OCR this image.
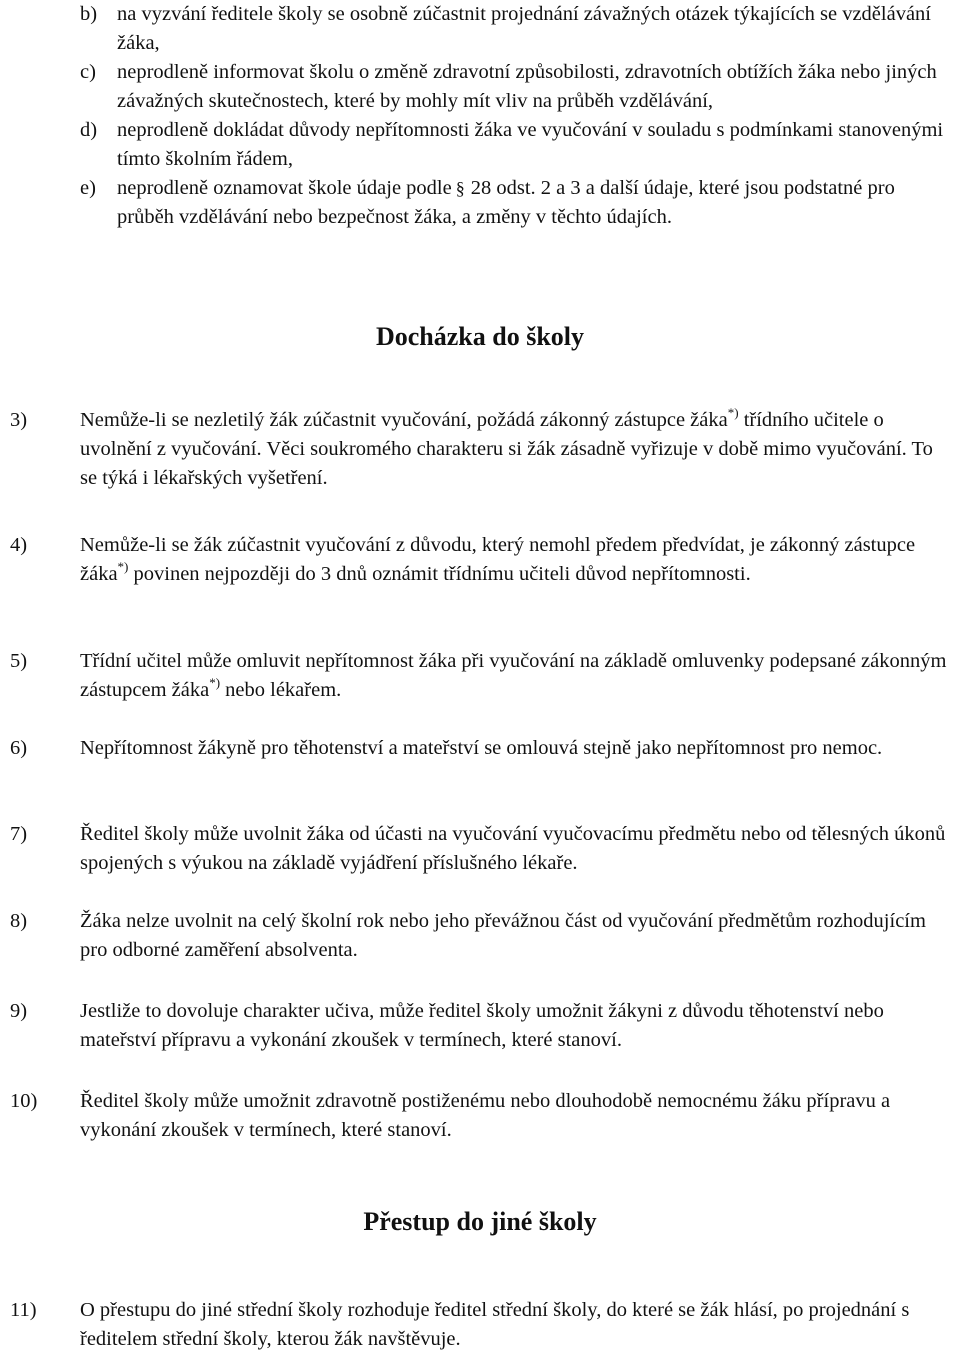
b) na vyzvání ředitele školy se osobně zúčastnit projednání závažných otázek týkajících se vzdělávání žáka,
c) neprodleně informovat školu o změně zdravotní způsobilosti, zdravotních obtížích žáka nebo jiných závažných skutečnostech, které by mohly mít vliv na průběh vzdělávání,
d) neprodleně dokládat důvody nepřítomnosti žáka ve vyučování v souladu s podmínkami stanovenými tímto školním řádem,
e) neprodleně oznamovat škole údaje podle § 28 odst. 2 a 3 a další údaje, které jsou podstatné pro průběh vzdělávání nebo bezpečnost žáka, a změny v těchto údajích.
Docházka do školy
3)	Nemůže-li se nezletilý žák zúčastnit vyučování, požádá zákonný zástupce žáka*) třídního učitele o uvolnění z vyučování. Věci soukromého charakteru si žák zásadně vyřizuje v době mimo vyučování. To se týká i lékařských vyšetření.
4)	Nemůže-li se žák zúčastnit vyučování z důvodu, který nemohl předem předvídat, je zákonný zástupce žáka*) povinen nejpozději do 3 dnů oznámit třídnímu učiteli důvod nepřítomnosti.
5)	Třídní učitel může omluvit nepřítomnost žáka při vyučování na základě omluvenky podepsané zákonným zástupcem žáka*) nebo lékařem.
6)	Nepřítomnost žákyně pro těhotenství a mateřství se omlouvá stejně jako nepřítomnost pro nemoc.
7)	Ředitel školy může uvolnit žáka od účasti na vyučování vyučovacímu předmětu nebo od tělesných úkonů spojených s výukou na základě vyjádření příslušného lékaře.
8)	Žáka nelze uvolnit na celý školní rok nebo jeho převážnou část od vyučování předmětům rozhodujícím pro odborné zaměření absolventa.
9)	Jestliže to dovoluje charakter učiva, může ředitel školy umožnit žákyni z důvodu těhotenství nebo mateřství přípravu a vykonání zkoušek v termínech, které stanoví.
10) Ředitel školy může umožnit zdravotně postiženému nebo dlouhodobě nemocnému žáku přípravu a vykonání zkoušek v termínech, které stanoví.
Přestup do jiné školy
11) O přestupu do jiné střední školy rozhoduje ředitel střední školy, do které se žák hlásí, po projednání s ředitelem střední školy, kterou žák navštěvuje.
